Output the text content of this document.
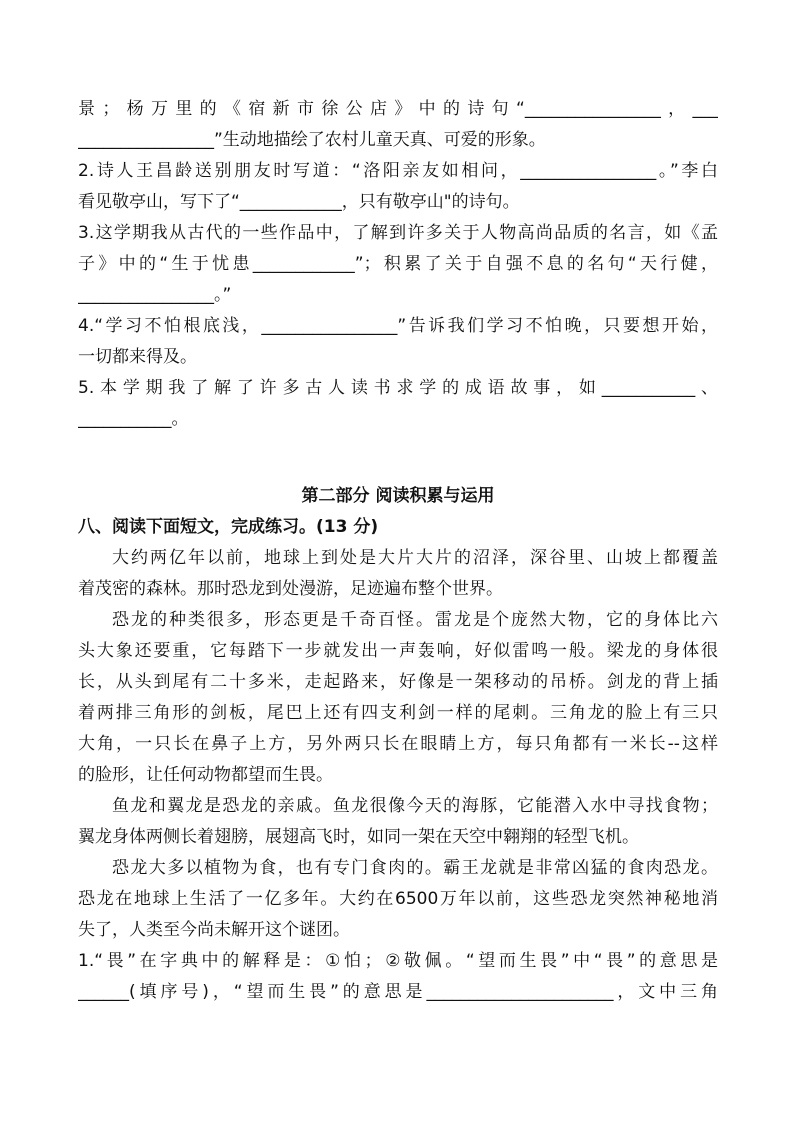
景；杨万里的《宿新市徐公店》中的诗句“________________，___
________________”生动地描绘了农村儿童天真、可爱的形象。
2.诗人王昌龄送别朋友时写道：“洛阳亲友如相问，________________。”李白
看见敬亭山，写下了“____________，只有敬亭山"的诗句。
3.这学期我从古代的一些作品中，了解到许多关于人物高尚品质的名言，如《孟
子》中的“生于忧患____________”；积累了关于自强不息的名句“天行健，
________________。”
4.“学习不怕根底浅，________________”告诉我们学习不怕晚，只要想开始，
一切都来得及。
5.本学期我了解了许多古人读书求学的成语故事，如___________、
___________。
第二部分 阅读积累与运用
八、阅读下面短文，完成练习。(13 分)
大约两亿年以前，地球上到处是大片大片的沼泽，深谷里、山坡上都覆盖
着茂密的森林。那时恐龙到处漫游，足迹遍布整个世界。
恐龙的种类很多，形态更是千奇百怪。雷龙是个庞然大物，它的身体比六
头大象还要重，它每踏下一步就发出一声轰响，好似雷鸣一般。梁龙的身体很
长，从头到尾有二十多米，走起路来，好像是一架移动的吊桥。剑龙的背上插
着两排三角形的剑板，尾巴上还有四支利剑一样的尾刺。三角龙的脸上有三只
大角，一只长在鼻子上方，另外两只长在眼睛上方，每只角都有一米长--这样
的脸形，让任何动物都望而生畏。
鱼龙和翼龙是恐龙的亲戚。鱼龙很像今天的海豚，它能潜入水中寻找食物；
翼龙身体两侧长着翅膀，展翅高飞时，如同一架在天空中翱翔的轻型飞机。
恐龙大多以植物为食，也有专门食肉的。霸王龙就是非常凶猛的食肉恐龙。
恐龙在地球上生活了一亿多年。大约在6500万年以前，这些恐龙突然神秘地消
失了，人类至今尚未解开这个谜团。
1.“畏”在字典中的解释是：①怕；②敬佩。“望而生畏”中“畏”的意思是
______(填序号)，“望而生畏”的意思是______________________，文中三角
